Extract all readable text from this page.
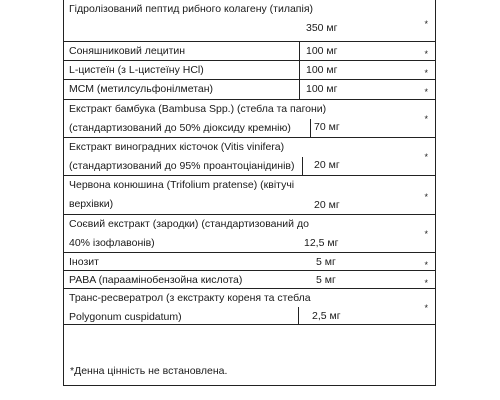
Гідролізований пептид рибного колагену (тилапія)
350 мг	*
Соняшниковий лецитин	100 мг	*
L-цистеїн (з L-цистеїну HCl)	100 мг	*
МСМ (метилсульфонілметан)	100 мг	*
Екстракт бамбука (Bambusa Spp.) (стебла та пагони)
(стандартизований до 50% діоксиду кремнію)	70 мг
*
Екстракт виноградних кісточок (Vitis vinifera)
(стандартизований до 95% проантоціанідинів)	20 мг
*
Червона конюшина (Trifolium pratense) (квітучі
верхівки)	20 мг
*
Соєвий екстракт (зародки) (стандартизований до
40% ізофлавонів)	12,5 мг
*
Інозит	5 мг	*
PABA (параамінобензойна кислота)	5 мг	*
Транс-ресвератрол (з екстракту кореня та стебла
Polygonum cuspidatum)	2,5 мг
*
*Денна цінність не встановлена.
